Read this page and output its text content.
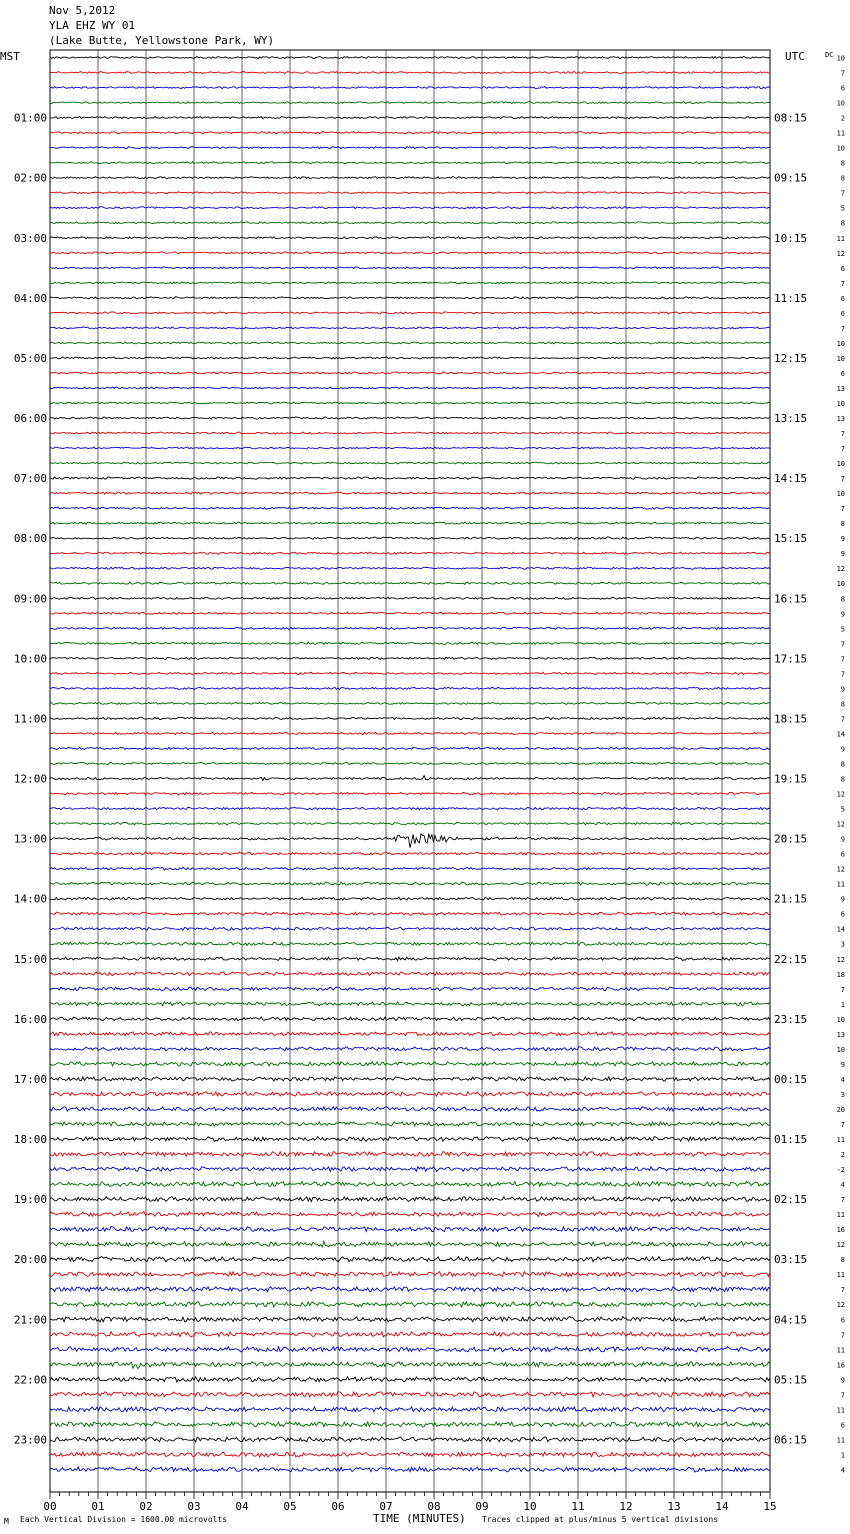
Nov 5,2012
YLA EHZ WY 01
(Lake Butte, Yellowstone Park, WY)
00	01	02	03	04	05	06	07	08	09	10	11	12	13	14	15
MST	UTC	DC
01:00
02:00
03:00
04:00
05:00
06:00
07:00
08:00
09:00
10:00
11:00
12:00
13:00
14:00
15:00
16:00
17:00
18:00
19:00
20:00
21:00
22:00
23:00
08:15
09:15
10:15
11:15
12:15
13:15
14:15
15:15
16:15
17:15
18:15
19:15
20:15
21:15
22:15
23:15
00:15
01:15
02:15
03:15
04:15
05:15
06:15
10
7
6
10
2
11
10
8
8
7
5
8
11
12
6
7
6
6
7
10
10
6
13
10
13
7
7
10
7
10
7
8
9
9
12
10
8
9
5
7
7
7
9
8
7
14
9
8
8
12
5
12
9
6
12
11
9
6
14
3
12
18
7
1
10
13
10
9
4
3
20
7
11
2
-2
4
7
11
16
12
8
11
7
12
6
7
11
16
9
7
11
6
11
1
4
M Each Vertical Division = 1600.00 microvolts	TIME (MINUTES) Traces clipped at plus/minus 5 vertical divisions
